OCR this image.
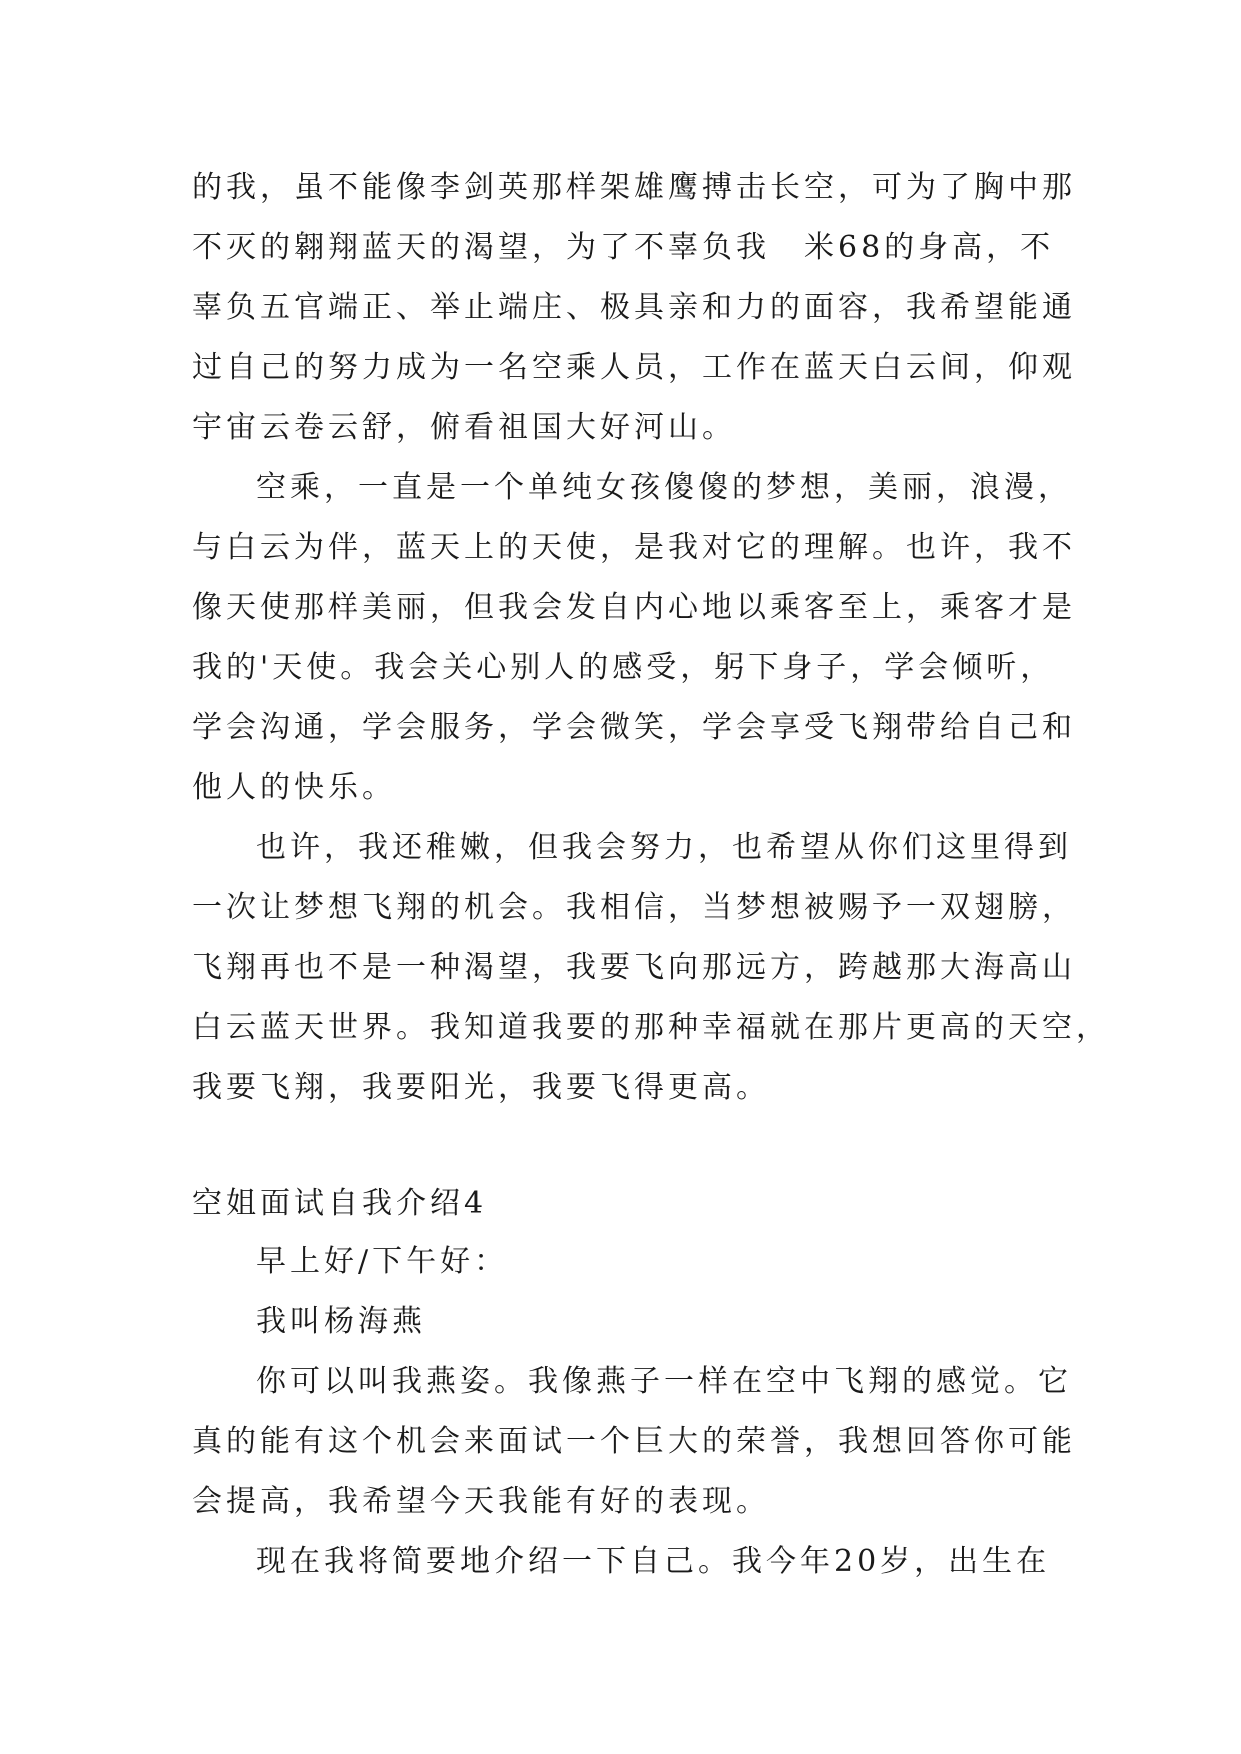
的我，虽不能像李剑英那样架雄鹰搏击长空，可为了胸中那
不灭的翱翔蓝天的渴望，为了不辜负我　米68的身高，不
辜负五官端正、举止端庄、极具亲和力的面容，我希望能通
过自己的努力成为一名空乘人员，工作在蓝天白云间，仰观
宇宙云卷云舒，俯看祖国大好河山。
空乘，一直是一个单纯女孩傻傻的梦想，美丽，浪漫，
与白云为伴，蓝天上的天使，是我对它的理解。也许，我不
像天使那样美丽，但我会发自内心地以乘客至上，乘客才是
我的'天使。我会关心别人的感受，躬下身子，学会倾听，
学会沟通，学会服务，学会微笑，学会享受飞翔带给自己和
他人的快乐。
也许，我还稚嫩，但我会努力，也希望从你们这里得到
一次让梦想飞翔的机会。我相信，当梦想被赐予一双翅膀，
飞翔再也不是一种渴望，我要飞向那远方，跨越那大海高山
白云蓝天世界。我知道我要的那种幸福就在那片更高的天空，
我要飞翔，我要阳光，我要飞得更高。
空姐面试自我介绍4
早上好/下午好：
我叫杨海燕
你可以叫我燕姿。我像燕子一样在空中飞翔的感觉。它
真的能有这个机会来面试一个巨大的荣誉，我想回答你可能
会提高，我希望今天我能有好的表现。
现在我将简要地介绍一下自己。我今年20岁，出生在
